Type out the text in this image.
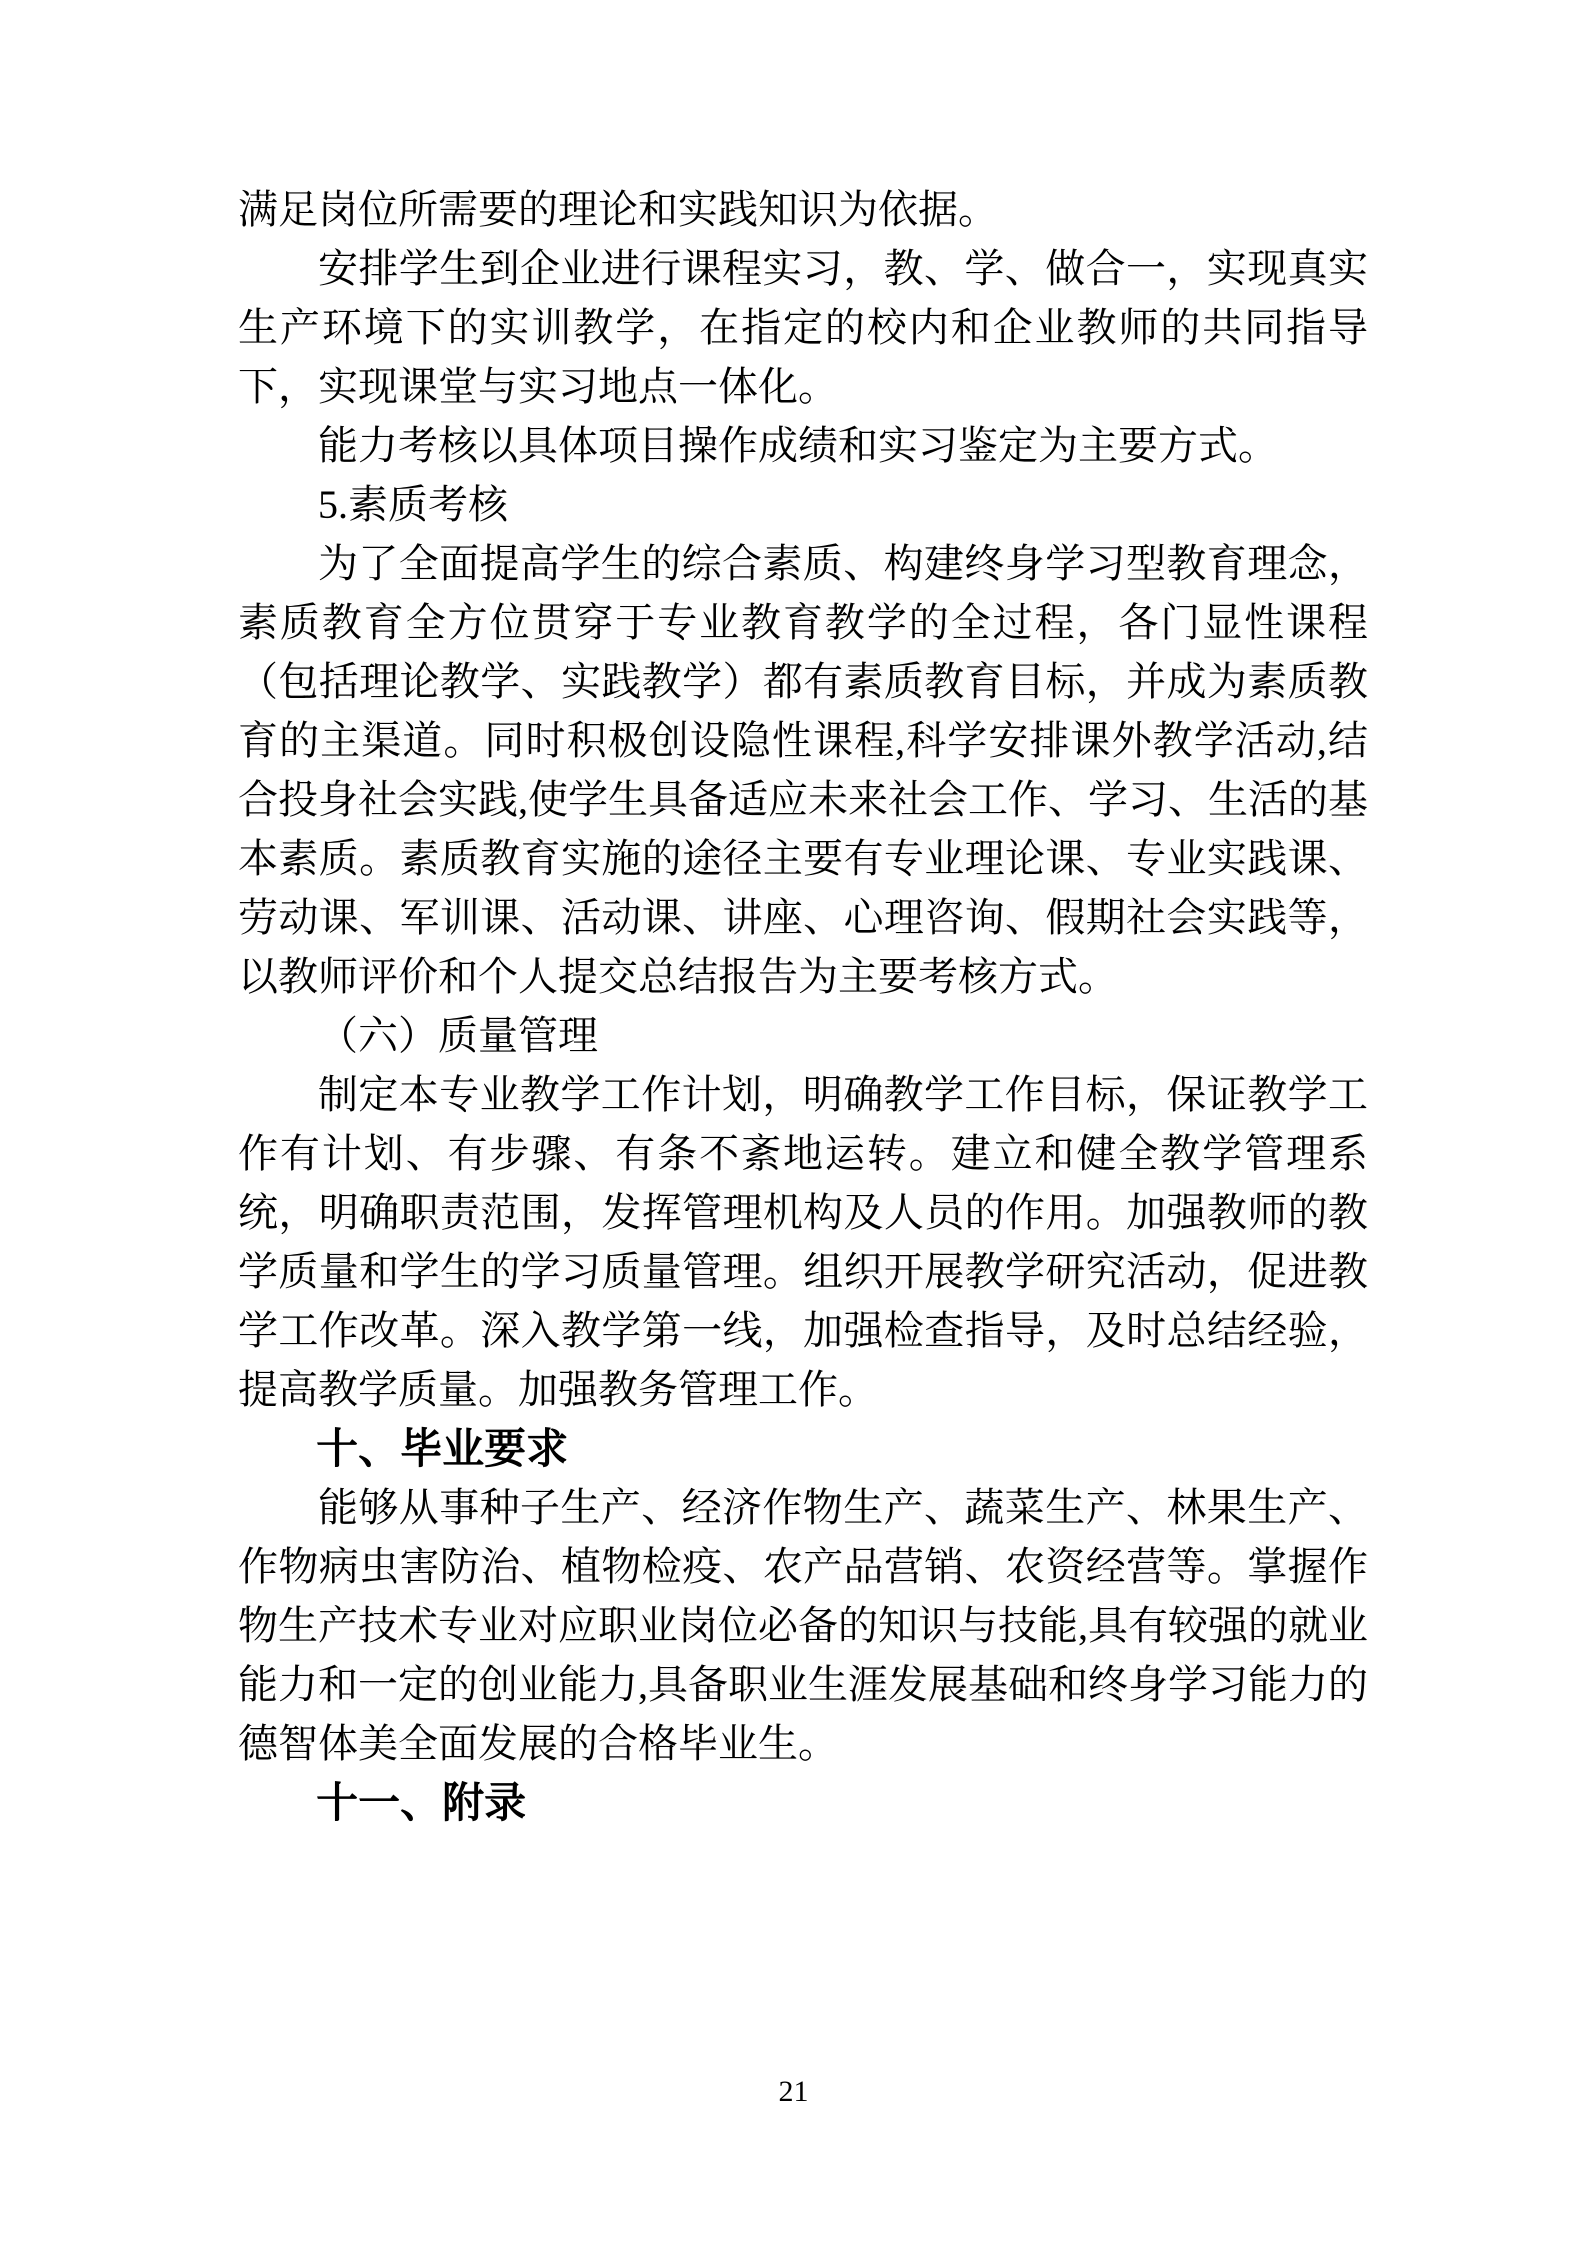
满足岗位所需要的理论和实践知识为依据。

安排学生到企业进行课程实习，教、学、做合一，实现真实生产环境下的实训教学，在指定的校内和企业教师的共同指导下，实现课堂与实习地点一体化。

能力考核以具体项目操作成绩和实习鉴定为主要方式。

5.素质考核

为了全面提高学生的综合素质、构建终身学习型教育理念，素质教育全方位贯穿于专业教育教学的全过程，各门显性课程（包括理论教学、实践教学）都有素质教育目标，并成为素质教育的主渠道。同时积极创设隐性课程,科学安排课外教学活动,结合投身社会实践,使学生具备适应未来社会工作、学习、生活的基本素质。素质教育实施的途径主要有专业理论课、专业实践课、劳动课、军训课、活动课、讲座、心理咨询、假期社会实践等，以教师评价和个人提交总结报告为主要考核方式。

（六）质量管理

制定本专业教学工作计划，明确教学工作目标，保证教学工作有计划、有步骤、有条不紊地运转。建立和健全教学管理系统，明确职责范围，发挥管理机构及人员的作用。加强教师的教学质量和学生的学习质量管理。组织开展教学研究活动，促进教学工作改革。深入教学第一线，加强检查指导，及时总结经验，提高教学质量。加强教务管理工作。

十、毕业要求

能够从事种子生产、经济作物生产、蔬菜生产、林果生产、作物病虫害防治、植物检疫、农产品营销、农资经营等。掌握作物生产技术专业对应职业岗位必备的知识与技能,具有较强的就业能力和一定的创业能力,具备职业生涯发展基础和终身学习能力的德智体美全面发展的合格毕业生。

十一、附录

21
